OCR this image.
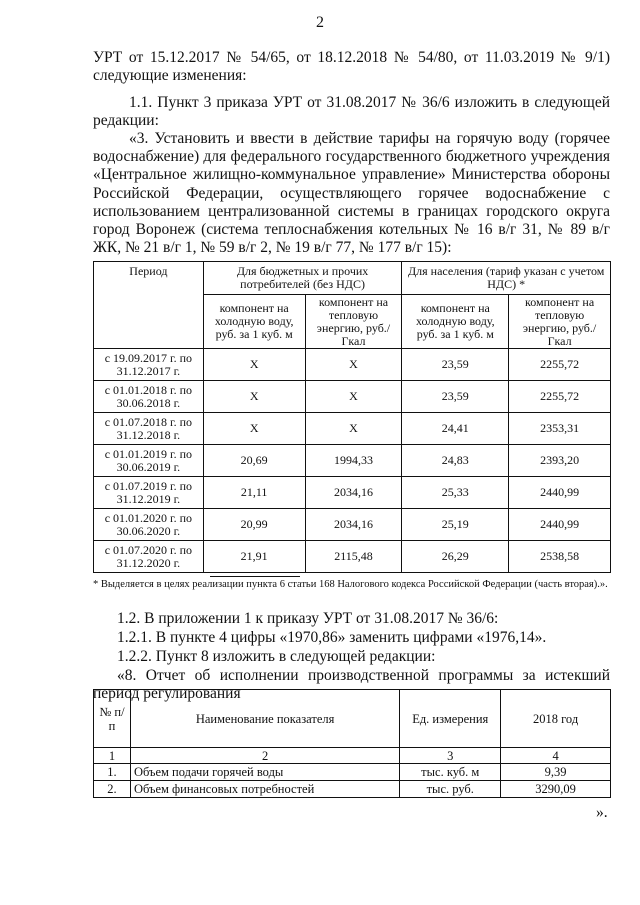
2
УРТ от 15.12.2017 № 54/65, от 18.12.2018 № 54/80, от 11.03.2019 № 9/1) следующие изменения:
1.1. Пункт 3 приказа УРТ от 31.08.2017 № 36/6 изложить в следующей редакции:
«3. Установить и ввести в действие тарифы на горячую воду (горячее водоснабжение) для федерального государственного бюджетного учреждения «Центральное жилищно-коммунальное управление» Министерства обороны Российской Федерации, осуществляющего горячее водоснабжение с использованием централизованной системы в границах городского округа город Воронеж (система теплоснабжения котельных № 16 в/г 31, № 89 в/г ЖК, № 21 в/г 1, № 59 в/г 2, № 19 в/г 77, № 177 в/г 15):
Период	Для бюджетных и прочих потребителей (без НДС)		Для населения (тариф указан с учетом НДС) *	
	компонент на холодную воду, руб. за 1 куб. м	компонент на тепловую энергию, руб./Гкал	компонент на холодную воду, руб. за 1 куб. м	компонент на тепловую энергию, руб./Гкал
с 19.09.2017 г. по 31.12.2017 г.	Х	Х	23,59	2255,72
с 01.01.2018 г. по 30.06.2018 г.	Х	Х	23,59	2255,72
с 01.07.2018 г. по 31.12.2018 г.	Х	Х	24,41	2353,31
с 01.01.2019 г. по 30.06.2019 г.	20,69	1994,33	24,83	2393,20
с 01.07.2019 г. по 31.12.2019 г.	21,11	2034,16	25,33	2440,99
с 01.01.2020 г. по 30.06.2020 г.	20,99	2034,16	25,19	2440,99
с 01.07.2020 г. по 31.12.2020 г.	21,91	2115,48	26,29	2538,58
* Выделяется в целях реализации пункта 6 статьи 168 Налогового кодекса Российской Федерации (часть вторая).».
1.2. В приложении 1 к приказу УРТ от 31.08.2017 № 36/6:
1.2.1. В пункте 4 цифры «1970,86» заменить цифрами «1976,14».
1.2.2. Пункт 8 изложить в следующей редакции:
«8. Отчет об исполнении производственной программы за истекший период регулирования
№ п/п	Наименование показателя	Ед. измерения	2018 год
1	2	3	4
1.	Объем подачи горячей воды	тыс. куб. м	9,39
2.	Объем финансовых потребностей	тыс. руб.	3290,09
».
